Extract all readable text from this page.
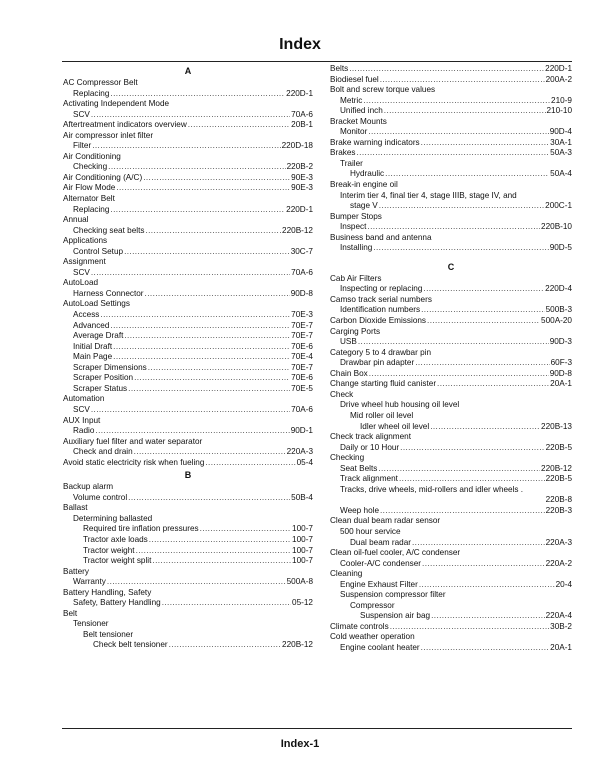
Index
A
AC Compressor Belt
Replacing .....	220D-1
Activating Independent Mode
SCV .....	70A-6
Aftertreatment indicators overview .....	20B-1
Air compressor inlet filter
Filter .....	220D-18
Air Conditioning
Checking .....	220B-2
Air Conditioning (A/C) .....	90E-3
Air Flow Mode .....	90E-3
Alternator Belt
Replacing .....	220D-1
Annual
Checking seat belts .....	220B-12
Applications
Control Setup .....	30C-7
Assignment
SCV .....	70A-6
AutoLoad
Harness Connector .....	90D-8
AutoLoad Settings
Access .....	70E-3
Advanced .....	70E-7
Average Draft .....	70E-7
Initial Draft .....	70E-6
Main Page .....	70E-4
Scraper Dimensions .....	70E-7
Scraper Position .....	70E-6
Scraper Status .....	70E-5
Automation
SCV .....	70A-6
AUX Input
Radio .....	90D-1
Auxiliary fuel filter and water separator
Check and drain .....	220A-3
Avoid static electricity risk when fueling .....	05-4
B
Backup alarm
Volume control .....	50B-4
Ballast
Determining ballasted
Required tire inflation pressures .....	100-7
Tractor axle loads .....	100-7
Tractor weight .....	100-7
Tractor weight split .....	100-7
Battery
Warranty .....	500A-8
Battery Handling, Safety
Safety, Battery Handling .....	05-12
Belt
Tensioner
Belt tensioner
Check belt tensioner .....	220B-12
Belts .....	220D-1
Biodiesel fuel .....	200A-2
Bolt and screw torque values
Metric .....	210-9
Unified inch .....	210-10
Bracket Mounts
Monitor .....	90D-4
Brake warning indicators .....	30A-1
Brakes .....	50A-3
Trailer
Hydraulic .....	50A-4
Break-in engine oil
Interim tier 4, final tier 4, stage IIIB, stage IV, and
stage V .....	200C-1
Bumper Stops
Inspect .....	220B-10
Business band and antenna
Installing .....	90D-5
C
Cab Air Filters
Inspecting or replacing .....	220D-4
Camso track serial numbers
Identification numbers .....	500B-3
Carbon Dioxide Emissions .....	500A-20
Carging Ports
USB .....	90D-3
Category 5 to 4 drawbar pin
Drawbar pin adapter .....	60F-3
Chain Box .....	90D-8
Change starting fluid canister .....	20A-1
Check
Drive wheel hub housing oil level
Mid roller oil level
Idler wheel oil level .....	220B-13
Check track alignment
Daily or 10 Hour .....	220B-5
Checking
Seat Belts .....	220B-12
Track alignment .....	220B-5
Tracks, drive wheels, mid-rollers and idler wheels .
220B-8
Weep hole .....	220B-3
Clean dual beam radar sensor
500 hour service
Dual beam radar .....	220A-3
Clean oil-fuel cooler, A/C condenser
Cooler-A/C condenser .....	220A-2
Cleaning
Engine Exhaust Filter .....	20-4
Suspension compressor filter
Compressor
Suspension air bag .....	220A-4
Climate controls .....	30B-2
Cold weather operation
Engine coolant heater .....	20A-1
Index-1
